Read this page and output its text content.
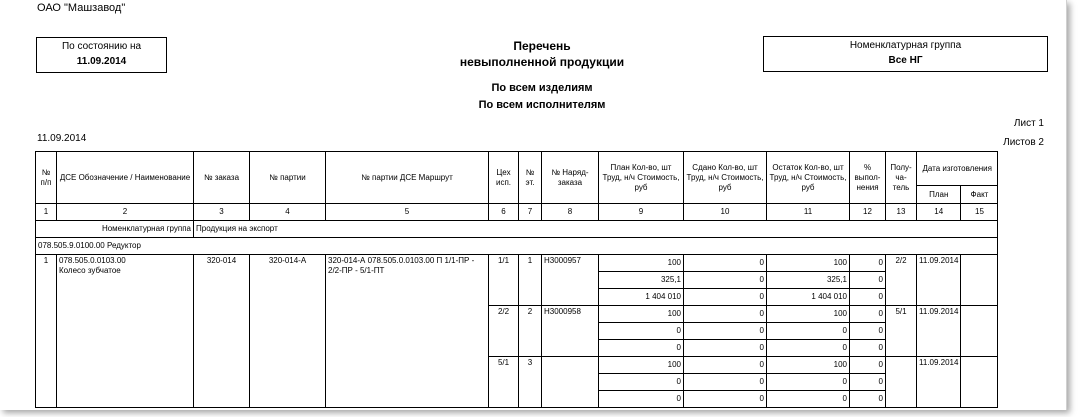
ОАО "Машзавод"
По состоянию на
11.09.2014
Перечень
невыполненной продукции
По всем изделиям
По всем исполнителям
Номенклатурная группа
Все НГ
11.09.2014
Лист 1
Листов 2
№ п/п	ДСЕ Обозначение / Наименование	№ заказа	№ партии	№ партии ДСЕ Маршрут	Цех исп.	№ эт.	№ Наряд-заказа	План Кол-во, шт Труд, н/ч Стоимость, руб	Сдано Кол-во, шт Труд, н/ч Стоимость, руб	Остаток Кол-во, шт Труд, н/ч Стоимость, руб	% выпол-нения	Полу-ча-тель	Дата изготовления	
													План	Факт
1	2	3	4	5	6	7	8	9	10	11	12	13	14	15
Номенклатурная группа		Продукция на экспорт												
078.505.9.0100.00 Редуктор														
1	078.505.0.0103.00
Колесо зубчатое	320-014	320-014-А	320-014-А 078.505.0.0103.00 П 1/1-ПР - 2/2-ПР - 5/1-ПТ	1/1	1	Н3000957	100	0	100	0	2/2	11.09.2014	
								325,1	0	325,1	0			
								1 404 010	0	1 404 010	0			
					2/2	2	Н3000958	100	0	100	0	5/1	11.09.2014	
								0	0	0	0			
								0	0	0	0			
					5/1	3		100	0	100	0		11.09.2014	
								0	0	0	0			
								0	0	0	0			
